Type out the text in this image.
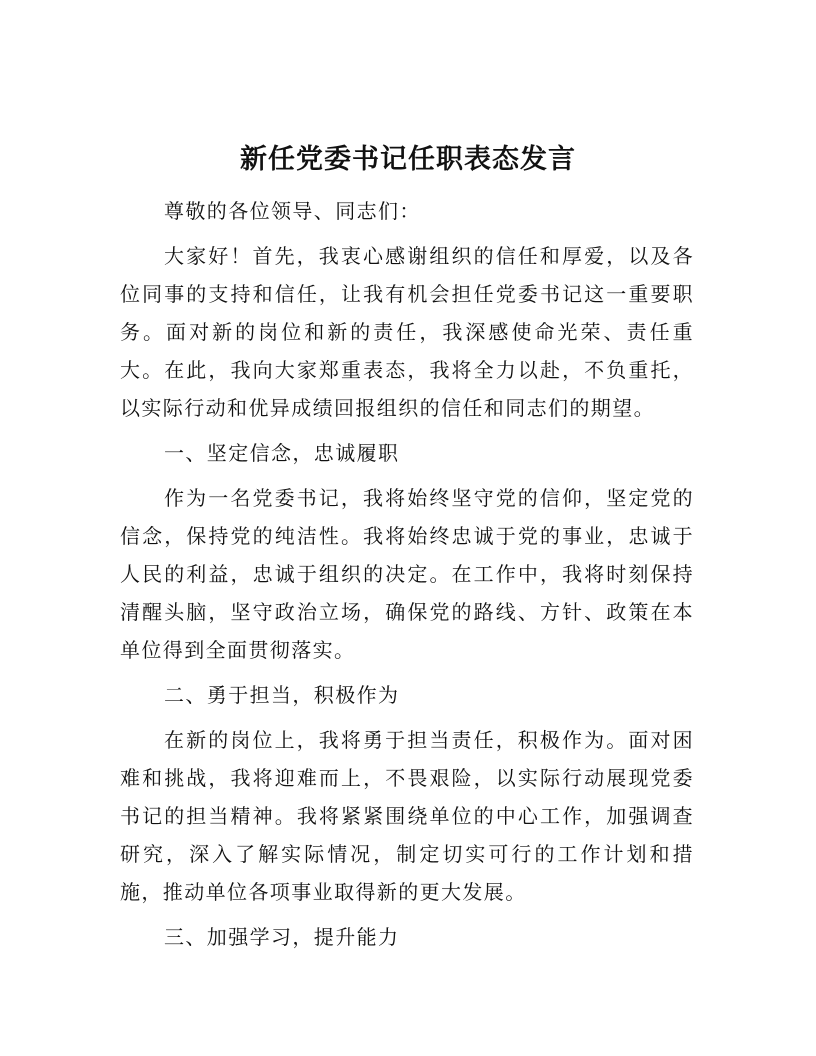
新任党委书记任职表态发言

尊敬的各位领导、同志们：

大家好！首先，我衷心感谢组织的信任和厚爱，以及各位同事的支持和信任，让我有机会担任党委书记这一重要职务。面对新的岗位和新的责任，我深感使命光荣、责任重大。在此，我向大家郑重表态，我将全力以赴，不负重托，以实际行动和优异成绩回报组织的信任和同志们的期望。

一、坚定信念，忠诚履职

作为一名党委书记，我将始终坚守党的信仰，坚定党的信念，保持党的纯洁性。我将始终忠诚于党的事业，忠诚于人民的利益，忠诚于组织的决定。在工作中，我将时刻保持清醒头脑，坚守政治立场，确保党的路线、方针、政策在本单位得到全面贯彻落实。

二、勇于担当，积极作为

在新的岗位上，我将勇于担当责任，积极作为。面对困难和挑战，我将迎难而上，不畏艰险，以实际行动展现党委书记的担当精神。我将紧紧围绕单位的中心工作，加强调查研究，深入了解实际情况，制定切实可行的工作计划和措施，推动单位各项事业取得新的更大发展。

三、加强学习，提升能力
